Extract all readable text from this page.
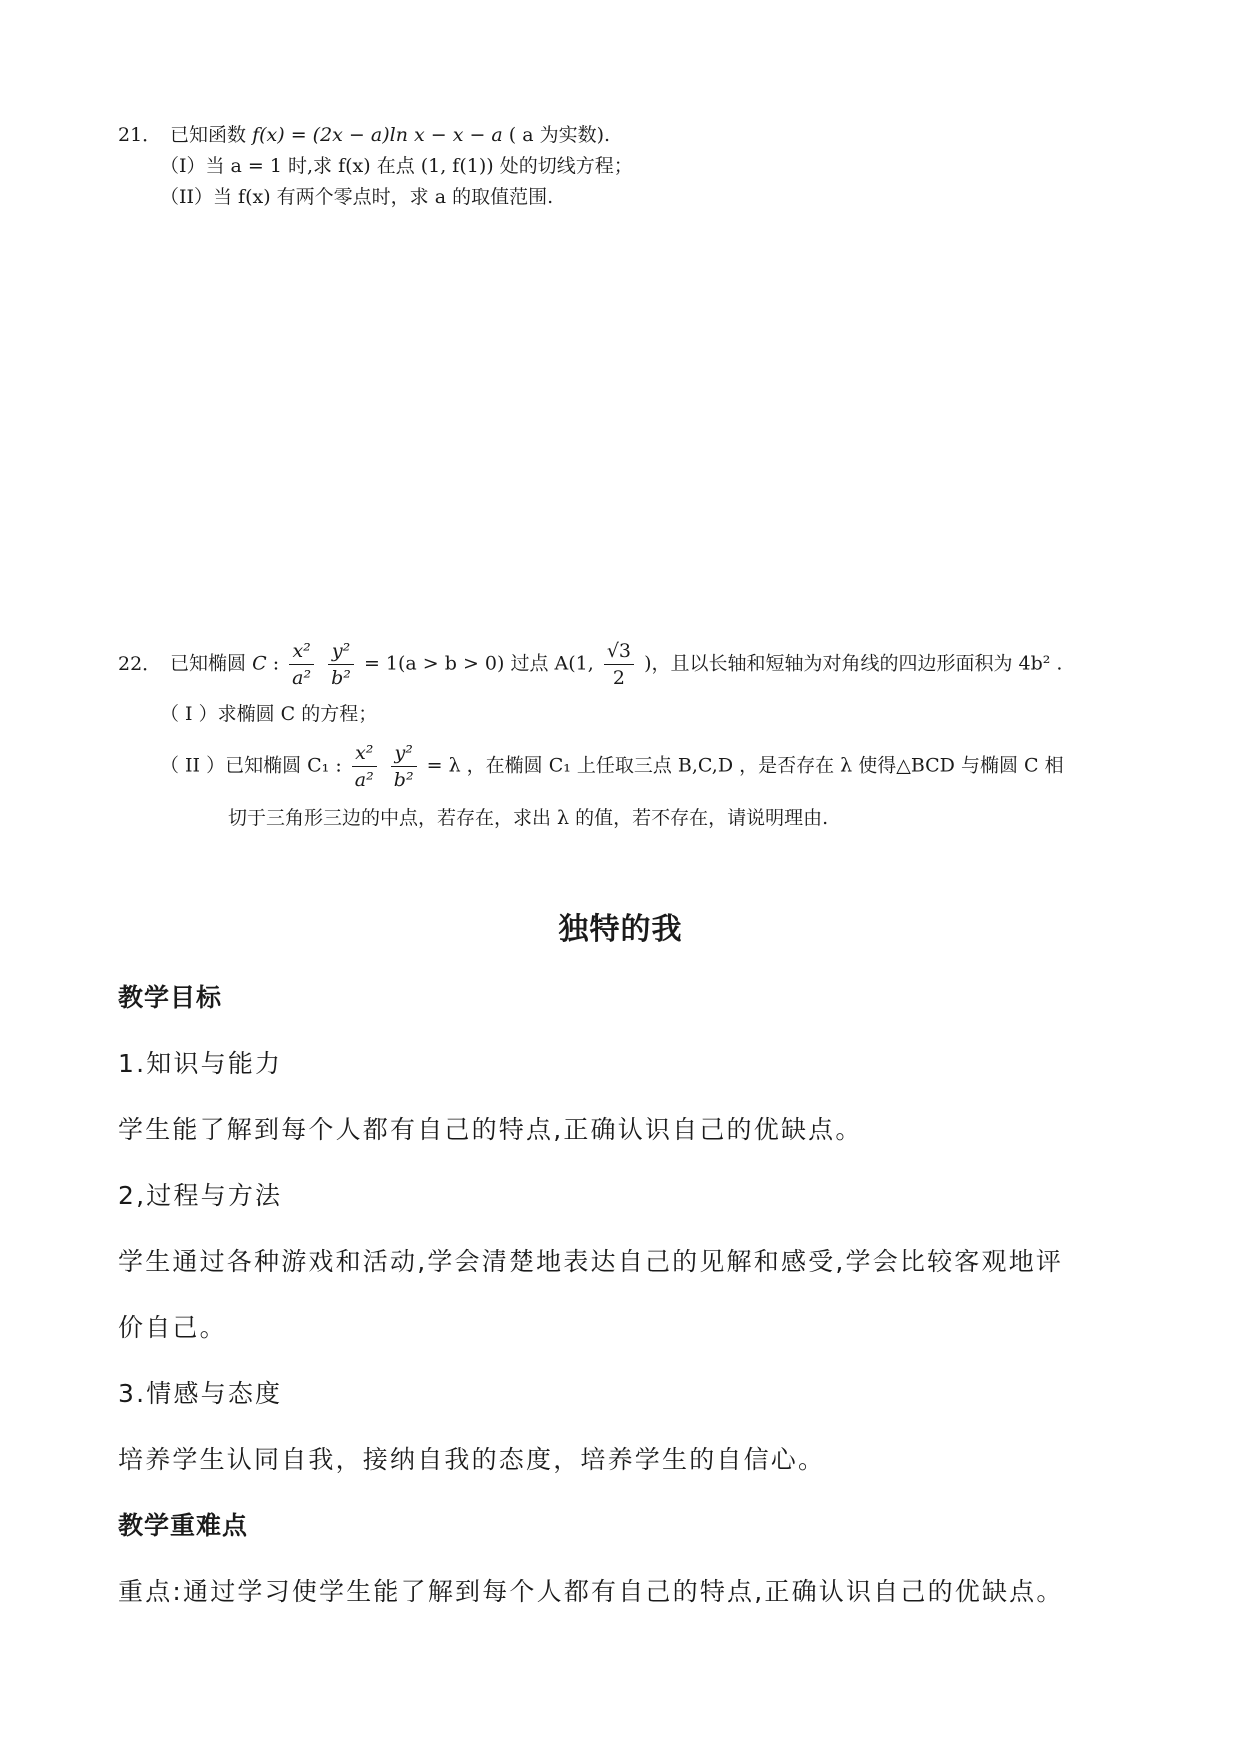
21． 已知函数 f(x) = (2x − a)ln x − x − a ( a 为实数).
（I）当 a = 1 时,求 f(x) 在点 (1, f(1)) 处的切线方程；
（II）当 f(x) 有两个零点时，求 a 的取值范围.
22． 已知椭圆 C : $\frac{\text{x²}}{\text{a²}}$
$\frac{\text{y²}}{\text{b²}} = 1(a > b > 0)$ 过点 A(1, $\frac{√3}{2}$ )，且以长轴和短轴为对角线的四边形面积为 4b² .
（ I ）求椭圆 C 的方程；
（ II ）已知椭圆 C₁ : $\frac{\text{x²}}{\text{a²}}$
$\frac{\text{y²}}{\text{b²}} = \lambda$ ，在椭圆 C₁ 上任取三点 B,C,D ，是否存在 λ 使得△BCD 与椭圆 C 相
切于三角形三边的中点，若存在，求出 λ 的值，若不存在，请说明理由.
独特的我
教学目标
1.知识与能力
学生能了解到每个人都有自己的特点,正确认识自己的优缺点。
2,过程与方法
学生通过各种游戏和活动,学会清楚地表达自己的见解和感受,学会比较客观地评
价自己。
3.情感与态度
培养学生认同自我，接纳自我的态度，培养学生的自信心。
教学重难点
重点:通过学习使学生能了解到每个人都有自己的特点,正确认识自己的优缺点。
